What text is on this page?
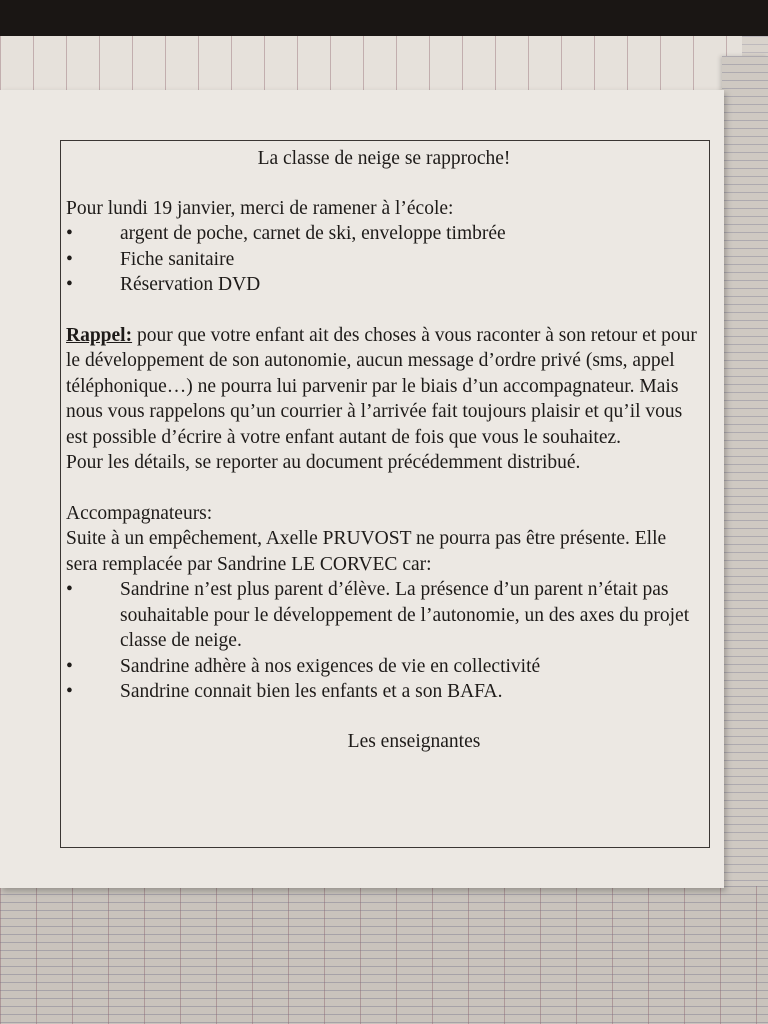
La classe de neige se rapproche!

Pour lundi 19 janvier, merci de ramener à l’école:

• argent de poche, carnet de ski, enveloppe timbrée
• Fiche sanitaire
• Réservation DVD

Rappel: pour que votre enfant ait des choses à vous raconter à son retour et pour le développement de son autonomie, aucun message d’ordre privé (sms, appel téléphonique…) ne pourra lui parvenir par le biais d’un accompagnateur. Mais nous vous rappelons qu’un courrier à l’arrivée fait toujours plaisir et qu’il vous est possible d’écrire à votre enfant autant de fois que vous le souhaitez.

Pour les détails, se reporter au document précédemment distribué.

Accompagnateurs:

Suite à un empêchement, Axelle PRUVOST ne pourra pas être présente. Elle sera remplacée par Sandrine LE CORVEC car:

• Sandrine n’est plus parent d’élève. La présence d’un parent n’était pas souhaitable pour le développement de l’autonomie, un des axes du projet classe de neige.
• Sandrine adhère à nos exigences de vie en collectivité
• Sandrine connait bien les enfants et a son BAFA.

Les enseignantes
